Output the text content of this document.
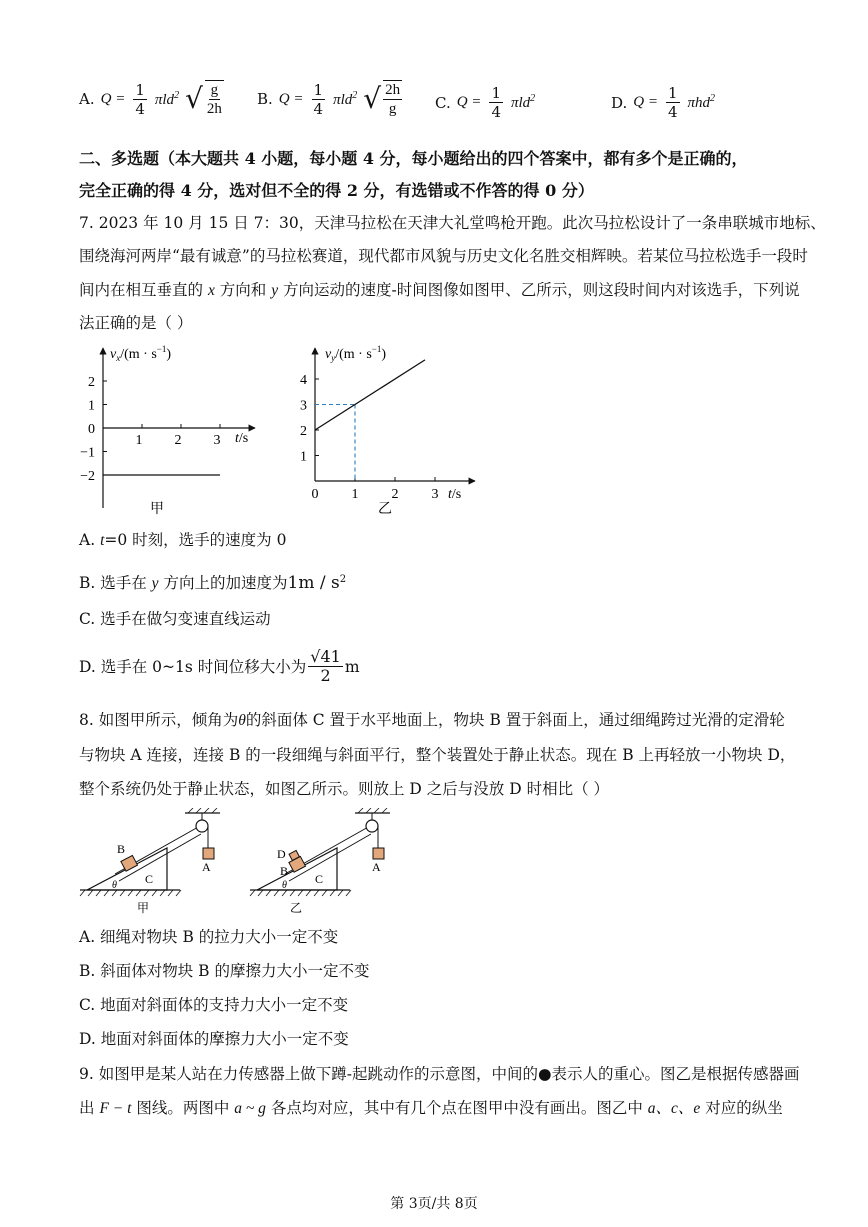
A. $Q = \frac{1}{4} \pi ld^2$ √ $\frac{g}{2h} B$. $Q = \frac{1}{4} \pi ld^2$ √ $\frac{2h}{g} C$. $Q = \frac{1}{4} \pi ld^2$	D. $Q = \frac{1}{4} \pi hd^2$
二、多选题（本大题共 4 小题，每小题 4 分，每小题给出的四个答案中，都有多个是正确的，
完全正确的得 4 分，选对但不全的得 2 分，有选错或不作答的得 0 分）
7. 2023 年 10 月 15 日 7：30，天津马拉松在天津大礼堂鸣枪开跑。此次马拉松设计了一条串联城市地标、
围绕海河两岸“最有诚意”的马拉松赛道，现代都市风貌与历史文化名胜交相辉映。若某位马拉松选手一段时
间内在相互垂直的 x 方向和 y 方向运动的速度-时间图像如图甲、乙所示，则这段时间内对该选手，下列说
法正确的是（ ）
$v_x/(m \cdot s^{-1})$
2
1
0
−1
−2
1 2 3 t/s
甲
$v_y/(m \cdot s^{-1})$
4
3
2
1
0 1 2 3 t/s
乙
A. t=0 时刻，选手的速度为 0
B. 选手在 y 方向上的加速度为$1m / s^2$
C. 选手在做匀变速直线运动
D. 选手在 0~1s 时间位移大小为 $\frac{√41}{2}$ m
8. 如图甲所示，倾角为θ的斜面体 C 置于水平地面上，物块 B 置于斜面上，通过细绳跨过光滑的定滑轮
与物块 A 连接，连接 B 的一段细绳与斜面平行，整个装置处于静止状态。现在 B 上再轻放一小物块 D，
整个系统仍处于静止状态，如图乙所示。则放上 D 之后与没放 D 时相比（ ）
A
B
C
θ
甲
A
D
B
C
θ
乙
A. 细绳对物块 B 的拉力大小一定不变
B. 斜面体对物块 B 的摩擦力大小一定不变
C. 地面对斜面体的支持力大小一定不变
D. 地面对斜面体的摩擦力大小一定不变
9. 如图甲是某人站在力传感器上做下蹲-起跳动作的示意图，中间的●表示人的重心。图乙是根据传感器画
出 F − t 图线。两图中 a ~ g 各点均对应，其中有几个点在图甲中没有画出。图乙中 a、c、e 对应的纵坐
第 3页/共 8页
